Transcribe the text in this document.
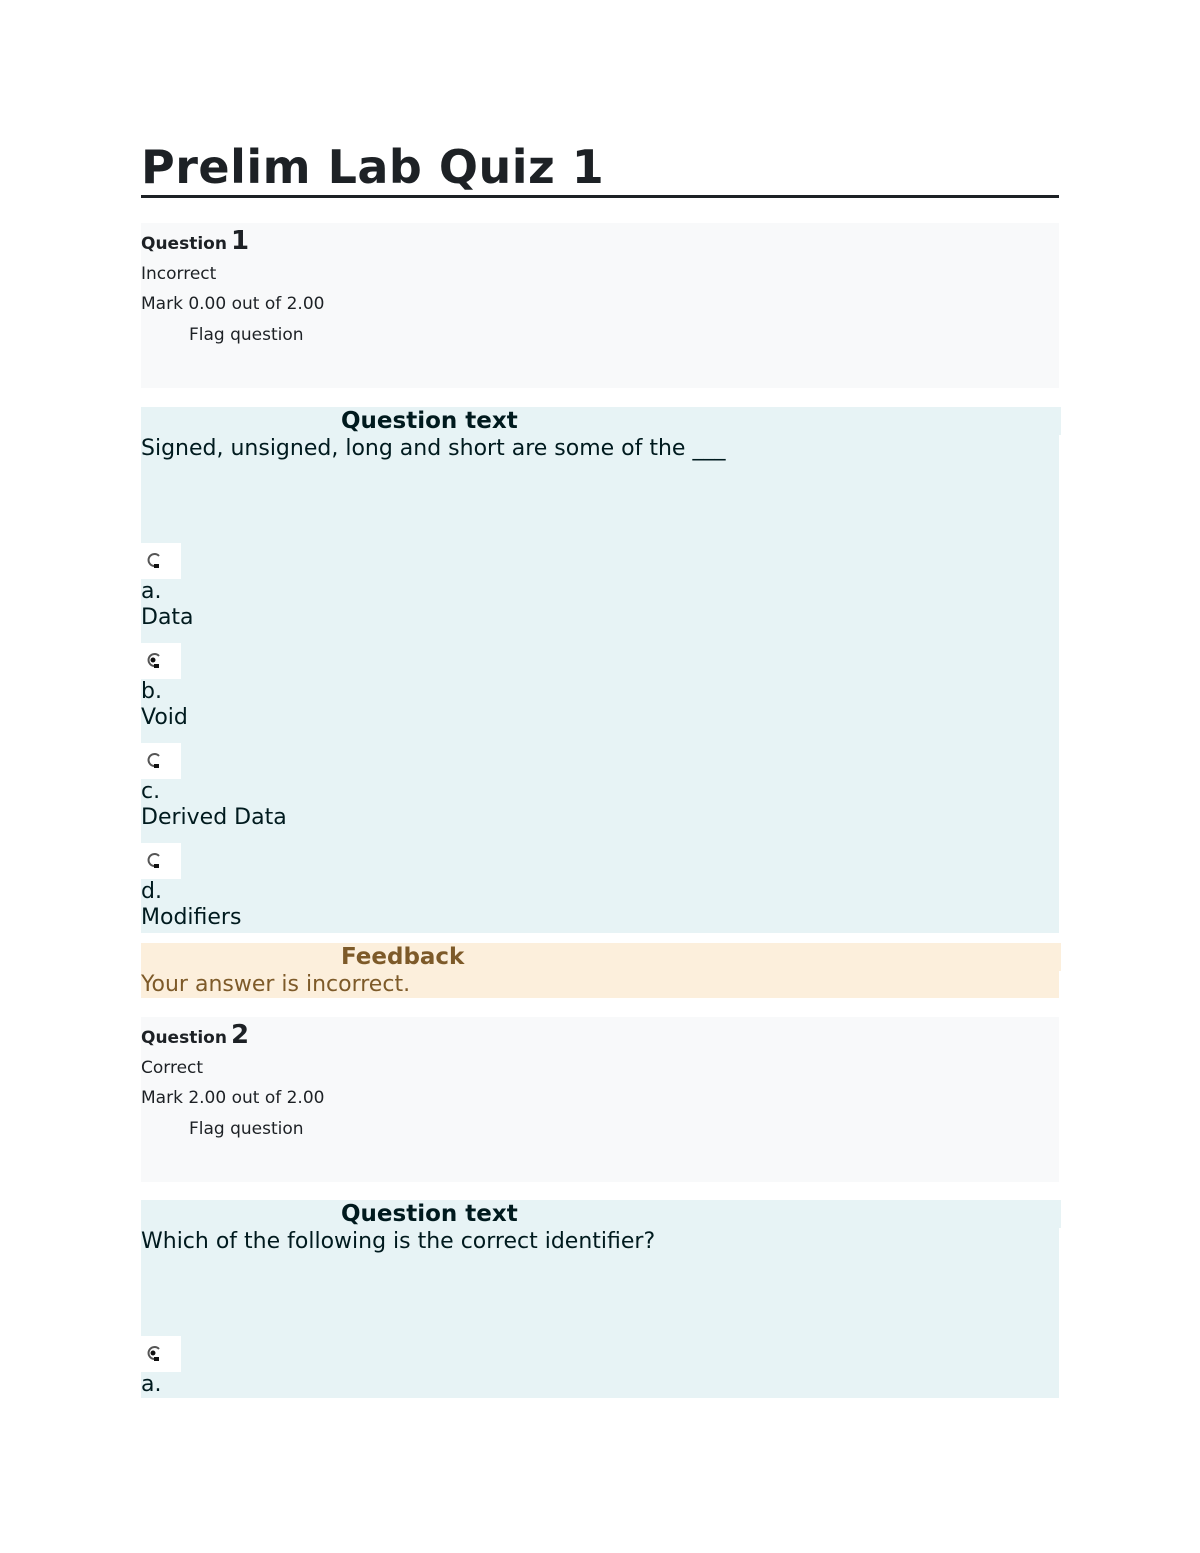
Prelim Lab Quiz 1
Question 1
Incorrect
Mark 0.00 out of 2.00
Flag question
Question text
Signed, unsigned, long and short are some of the ___
a.
Data
b.
Void
c.
Derived Data
d.
Modifiers
Feedback
Your answer is incorrect.
Question 2
Correct
Mark 2.00 out of 2.00
Flag question
Question text
Which of the following is the correct identifier?
a.
